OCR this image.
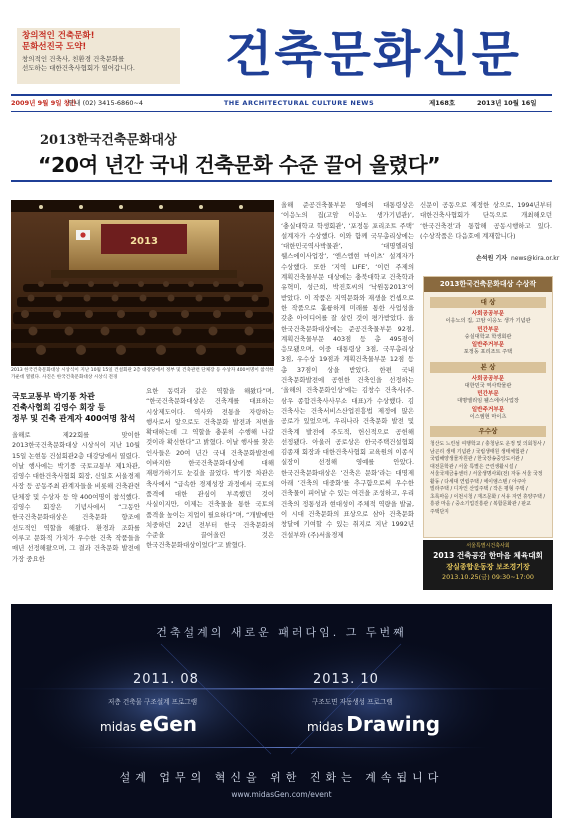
창의적인 건축문화!
문화선진국 도약!
창의적인 건축사, 친환경 건축문화를
선도하는 대한건축사협회가 열어갑니다.	건축문화신문
2009년 9월 9일 창간
안내 (02) 3415-6860~4	THE ARCHITECTURAL CULTURE NEWS	제168호	2013년 10월 16일
2013한국건축문화대상
“20여 년간 국내 건축문화 수준 끌어 올렸다”
2013
2013 한국건축문화대상 시상식이 지난 10월 15일 건설회관 2층 대강당에서 정부 및 건축관련 단체장 등 수상자 400여명이 참석한 가운데 열렸다. 사진은 한국건축문화대상 시상식 전경
국토교통부 박기풍 차관
건축사협회 김영수 회장 등
정부 및 건축 관계자 400여명 참석
올해로 제22회를 맞이한 2013한국건축문화대상 시상식이 지난 10월 15일 논현동 건설회관2층 대강당에서 열렸다. 이날 행사에는 박기풍 국토교통부 제1차관, 김영수 대한건축사협회 회장, 신일호 서울경제 사장 등 공동주최 관계자들을 비롯해 건축관련 단체장 및 수상자 등 약 400여명이 참석했다. 김영수 회장은 기념사에서 “그동안 한국건축문화대상은 건축문화 향조에 선도적인 역할을 해왔다. 환경과 조화를 이루고 문화적 가치가 우수한 건축 작품들을 매년 선정해왔으며, 그 결과 건축문화 발전에 가장 중요한
요한 동력과 같은 역할을 해왔다”며, “한국건축문화대상은 건축계를 대표하는 시상제도이다. 역사와 전통을 자랑하는 행사로서 앞으로도 건축문화 발전과 저변을 확대하는데 그 역할을 충분히 수행해 나갈 것이라 확신한다”고 밝혔다. 이날 행사를 찾은 인사들은 20여 년간 국내 건축문화발전에 이바지한 한국건축문화대상에 대해 재평가하기도 눈길을 끌었다. 박기풍 차관은 축사에서 “급속한 경제성장 과정에서 국토의 품격에 대한 관심이 부족했던 것이 사실이지만, 이제는 건축물을 통한 국토의 품격을 높이는 지업이 필요하다”며, “개발에만 치중하던 22년 전부터 한국 건축문화의 수준을 끌어올린 것은 한국건축문화대상이었다”고 밝혔다.
올해 준공건축물부문 영예의 대통령상은 ‘이응노의 집(고암 이응노 생가기념관)’, ‘충실대학교 학생회관’, ‘포정동 포리조트 주택’ 설계자가 수상했다. 이와 함께 국무총리상에는 ‘대한민국역사박물관’, ‘대명엘리임 웰스에이사업장’, ‘엔스엠현 마이츠’ 설계자가 수상했다. 또한 ‘지역 LIFE’, ‘이런 주제의 계획건축물부문 대상에는 충북대학교 건축학과 유혁미, 성근희, 박진호씨의 ‘낙원동2013’이 받았다. 이 작품은 지역문화와 재생을 컨셉으로 한 작품으로 훌륭하게 미래를 통한 사업성을 갖춘 아이디어를 잘 살린 것이 평가받았다. 올 한국건축문화대상에는 준공건축물부문 92점, 계획건축물부문 403점 등 총 495점이 응모됐으며, 이중 대통령상 3점, 국무총리상 3점, 우수상 19점과 계획건축물부문 12점 등 총 37점이 상을 받았다. 한편 국내 건축문화발전에 공헌한 건축인을 선정하는 ‘올해의 건축문화인상’에는 김창수 건축사(주. 삼우 종합건축사사무소 대표)가 수상했다. 김 건축사는 건축서비스산업진흥법 제정에 많은 공로가 있었으며, 우리나라 건축문화 발전 및 건축계 발전에 주도적, 헌신적으로 공헌해 선정됐다. 아울러 공로상은 한국주택건설협회 김종재 회장과 대한건축사협회 교육원의 이종식 실장이 선정해 영예를 안았다. 한국건축문화대상은 ‘건축은 문화’라는 대명제 아래 ‘건축의 대중화’를 추구함으로써 우수한 건축물이 피어날 수 있는 여건을 조성하고, 우리 건축의 정통성과 현대성이 주체적 역량을 발굴, 이 시대 건축문화의 표상으로 삼아 건축문화 창달에 기여할 수 있는 취지로 지난 1992년 건설부와 (주)서울경제
신문이 공동으로 제정한 상으로, 1994년부터 대한건축사협회가 단독으로 개최해오던 ‘한국건축전’과 통합해 공동시행하고 있다. (수상작품은 다음호에 계재합니다)
손석원 기자 news@kira.or.kr
2013한국건축문화대상 수상작
대 상
사회공공부문
이응노의 집, 고암 이응노 생가 기념관
민간부문
숭실대학교 학생회관
일반주거부문
포정동 포리조트 주택
본 상
사회공공부문
대한민국 역사박물관
민간부문
대명엘리임 웰스에어사업장
일반주거부문
이스엠현 마이츠
우수상
청산도 느린섬 여행학교 / 충청남도 운정 및 의회청사 / 남곤리 생태 기념관 / 국립생태원 생태체험관 / 국립해양생물자원관 / 한국장송중앙도서관 / 대전문학관 / 서울 특별은 근린생활시설 / 서울국제금융센터 / 서울생명사회(전) 자동 서울 국정 활동 / 다세대 연립주택 / 에이엠스텐 / 아쿠아 빌라주택 / 디자인 산업주택 / 작은 평형 주택 / 초록마을 / 이천시청 / 재즈문화 / 서유 자연 휴양주택 / 흥광 마을 / 중소기업진흥관 / 복합문화관 / 판교 주택단지
서울특별시건축사회
2013 건축공감 한마음 체육대회
장실종합운동장 보조경기장
2013.10.25(금) 09:30~17:00
건축설계의 새로운 패러다임. 그 두번째
2011. 08
저층 건축물 구조설계 프로그램
midas eGen
2013. 10
구조도면 자동생성 프로그램
midas Drawing
설계 업무의 혁신을 위한 진화는 계속됩니다
www.midasGen.com/event
